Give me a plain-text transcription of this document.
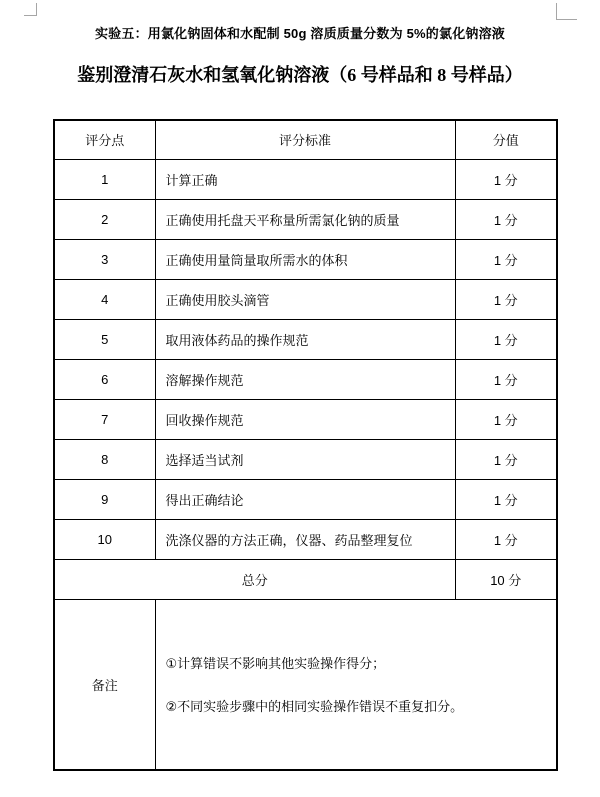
实验五：用氯化钠固体和水配制 50g 溶质质量分数为 5%的氯化钠溶液
鉴别澄清石灰水和氢氧化钠溶液（6 号样品和 8 号样品）
评分点	评分标准	分值
1	计算正确	1 分
2	正确使用托盘天平称量所需氯化钠的质量	1 分
3	正确使用量筒量取所需水的体积	1 分
4	正确使用胶头滴管	1 分
5	取用液体药品的操作规范	1 分
6	溶解操作规范	1 分
7	回收操作规范	1 分
8	选择适当试剂	1 分
9	得出正确结论	1 分
10	洗涤仪器的方法正确，仪器、药品整理复位	1 分
总分		10 分
备注	①计算错误不影响其他实验操作得分；

②不同实验步骤中的相同实验操作错误不重复扣分。	
